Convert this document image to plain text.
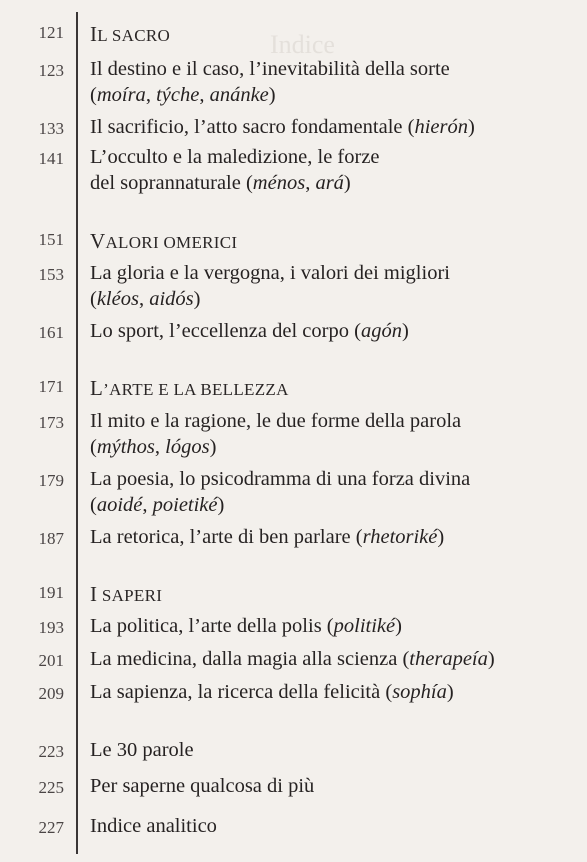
Indice
121 IL SACRO
123 Il destino e il caso, l’inevitabilità della sorte
(moíra, týche, anánke)
133 Il sacrificio, l’atto sacro fondamentale (hierón)
141 L’occulto e la maledizione, le forze
del soprannaturale (ménos, ará)
151 VALORI OMERICI
153 La gloria e la vergogna, i valori dei migliori
(kléos, aidós)
161 Lo sport, l’eccellenza del corpo (agón)
171 L’ARTE E LA BELLEZZA
173 Il mito e la ragione, le due forme della parola
(mýthos, lógos)
179 La poesia, lo psicodramma di una forza divina
(aoidé, poietiké)
187 La retorica, l’arte di ben parlare (rhetoriké)
191 I SAPERI
193 La politica, l’arte della polis (politiké)
201 La medicina, dalla magia alla scienza (therapeía)
209 La sapienza, la ricerca della felicità (sophía)
223 Le 30 parole
225 Per saperne qualcosa di più
227 Indice analitico
